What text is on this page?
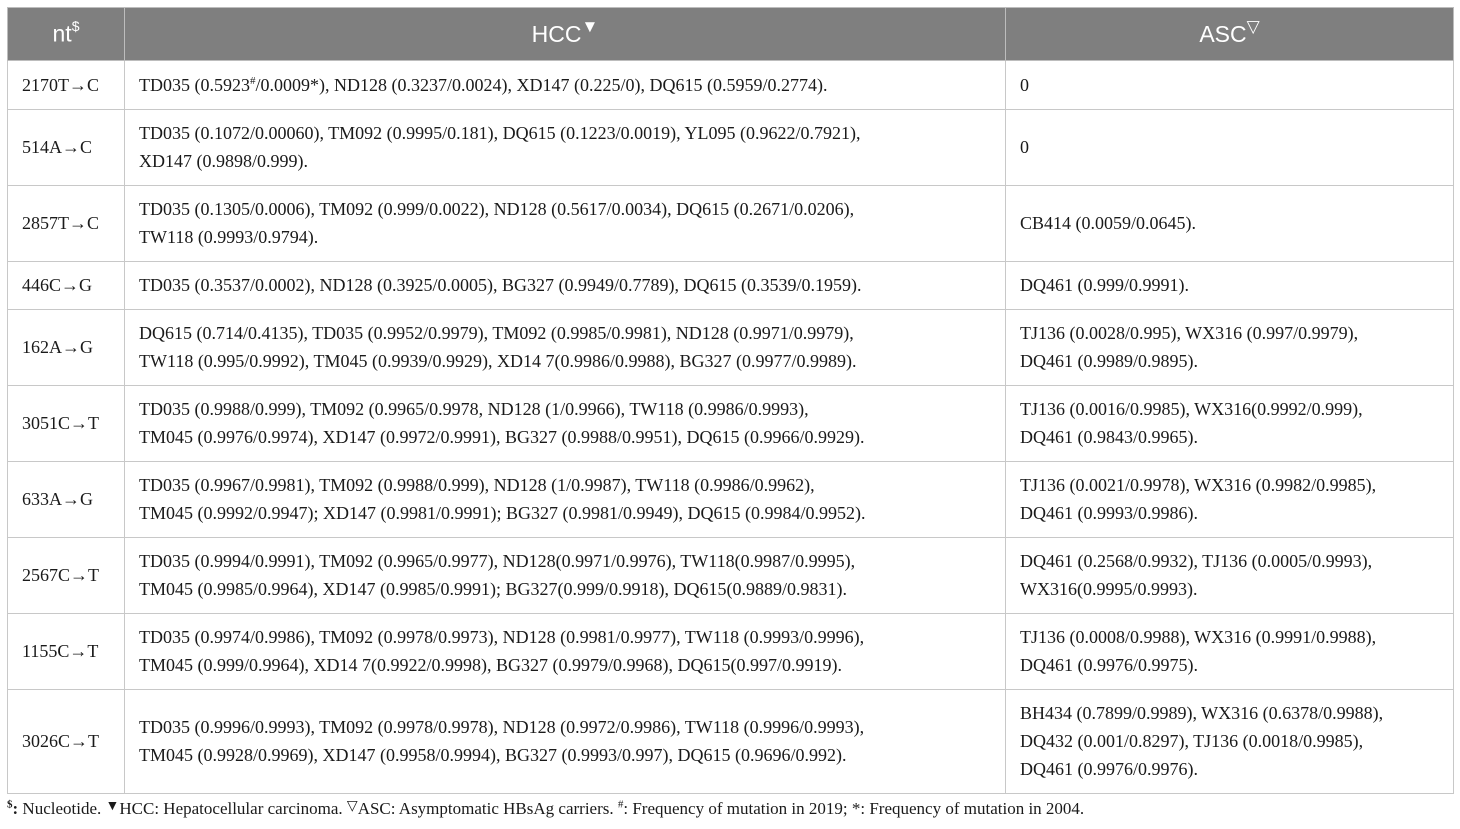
nt$	HCC▼	ASC▽
2170T→C	TD035 (0.5923#/0.0009*), ND128 (0.3237/0.0024), XD147 (0.225/0), DQ615 (0.5959/0.2774).	0
514A→C	TD035 (0.1072/0.00060), TM092 (0.9995/0.181), DQ615 (0.1223/0.0019), YL095 (0.9622/0.7921),
XD147 (0.9898/0.999).	0
2857T→C	TD035 (0.1305/0.0006), TM092 (0.999/0.0022), ND128 (0.5617/0.0034), DQ615 (0.2671/0.0206),
TW118 (0.9993/0.9794).	CB414 (0.0059/0.0645).
446C→G	TD035 (0.3537/0.0002), ND128 (0.3925/0.0005), BG327 (0.9949/0.7789), DQ615 (0.3539/0.1959).	DQ461 (0.999/0.9991).
162A→G	DQ615 (0.714/0.4135), TD035 (0.9952/0.9979), TM092 (0.9985/0.9981), ND128 (0.9971/0.9979),
TW118 (0.995/0.9992), TM045 (0.9939/0.9929), XD14 7(0.9986/0.9988), BG327 (0.9977/0.9989).	TJ136 (0.0028/0.995), WX316 (0.997/0.9979),
DQ461 (0.9989/0.9895).
3051C→T	TD035 (0.9988/0.999), TM092 (0.9965/0.9978, ND128 (1/0.9966), TW118 (0.9986/0.9993),
TM045 (0.9976/0.9974), XD147 (0.9972/0.9991), BG327 (0.9988/0.9951), DQ615 (0.9966/0.9929).	TJ136 (0.0016/0.9985), WX316(0.9992/0.999),
DQ461 (0.9843/0.9965).
633A→G	TD035 (0.9967/0.9981), TM092 (0.9988/0.999), ND128 (1/0.9987), TW118 (0.9986/0.9962),
TM045 (0.9992/0.9947); XD147 (0.9981/0.9991); BG327 (0.9981/0.9949), DQ615 (0.9984/0.9952).	TJ136 (0.0021/0.9978), WX316 (0.9982/0.9985),
DQ461 (0.9993/0.9986).
2567C→T	TD035 (0.9994/0.9991), TM092 (0.9965/0.9977), ND128(0.9971/0.9976), TW118(0.9987/0.9995),
TM045 (0.9985/0.9964), XD147 (0.9985/0.9991); BG327(0.999/0.9918), DQ615(0.9889/0.9831).	DQ461 (0.2568/0.9932), TJ136 (0.0005/0.9993),
WX316(0.9995/0.9993).
1155C→T	TD035 (0.9974/0.9986), TM092 (0.9978/0.9973), ND128 (0.9981/0.9977), TW118 (0.9993/0.9996),
TM045 (0.999/0.9964), XD14 7(0.9922/0.9998), BG327 (0.9979/0.9968), DQ615(0.997/0.9919).	TJ136 (0.0008/0.9988), WX316 (0.9991/0.9988),
DQ461 (0.9976/0.9975).
3026C→T	TD035 (0.9996/0.9993), TM092 (0.9978/0.9978), ND128 (0.9972/0.9986), TW118 (0.9996/0.9993),
TM045 (0.9928/0.9969), XD147 (0.9958/0.9994), BG327 (0.9993/0.997), DQ615 (0.9696/0.992).	BH434 (0.7899/0.9989), WX316 (0.6378/0.9988),
DQ432 (0.001/0.8297), TJ136 (0.0018/0.9985),
DQ461 (0.9976/0.9976).
$: Nucleotide. ▼HCC: Hepatocellular carcinoma. ▽ASC: Asymptomatic HBsAg carriers. #: Frequency of mutation in 2019; *: Frequency of mutation in 2004.
